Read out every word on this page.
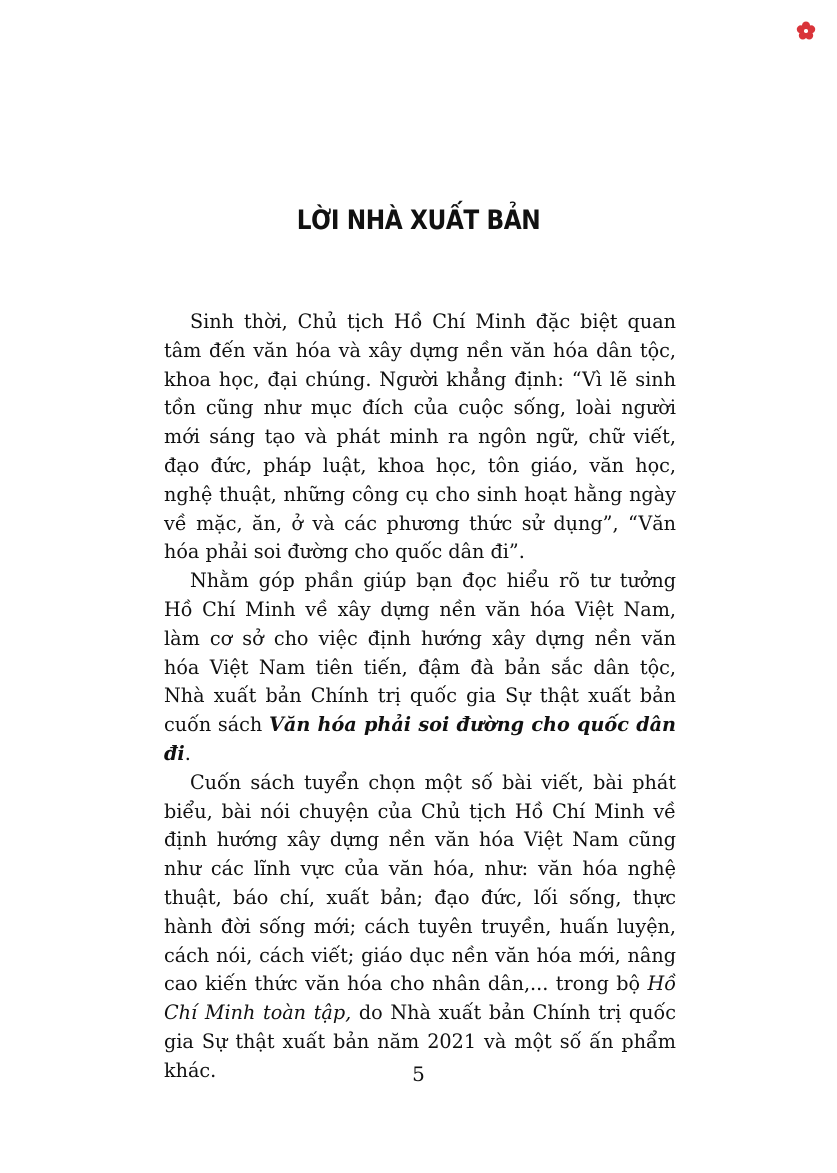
LỜI NHÀ XUẤT BẢN

Sinh thời, Chủ tịch Hồ Chí Minh đặc biệt quan tâm đến văn hóa và xây dựng nền văn hóa dân tộc, khoa học, đại chúng. Người khẳng định: “Vì lẽ sinh tồn cũng như mục đích của cuộc sống, loài người mới sáng tạo và phát minh ra ngôn ngữ, chữ viết, đạo đức, pháp luật, khoa học, tôn giáo, văn học, nghệ thuật, những công cụ cho sinh hoạt hằng ngày về mặc, ăn, ở và các phương thức sử dụng”, “Văn hóa phải soi đường cho quốc dân đi”.

Nhằm góp phần giúp bạn đọc hiểu rõ tư tưởng Hồ Chí Minh về xây dựng nền văn hóa Việt Nam, làm cơ sở cho việc định hướng xây dựng nền văn hóa Việt Nam tiên tiến, đậm đà bản sắc dân tộc, Nhà xuất bản Chính trị quốc gia Sự thật xuất bản cuốn sách Văn hóa phải soi đường cho quốc dân đi.

Cuốn sách tuyển chọn một số bài viết, bài phát biểu, bài nói chuyện của Chủ tịch Hồ Chí Minh về định hướng xây dựng nền văn hóa Việt Nam cũng như các lĩnh vực của văn hóa, như: văn hóa nghệ thuật, báo chí, xuất bản; đạo đức, lối sống, thực hành đời sống mới; cách tuyên truyền, huấn luyện, cách nói, cách viết; giáo dục nền văn hóa mới, nâng cao kiến thức văn hóa cho nhân dân,... trong bộ Hồ Chí Minh toàn tập, do Nhà xuất bản Chính trị quốc gia Sự thật xuất bản năm 2021 và một số ấn phẩm khác.	5
